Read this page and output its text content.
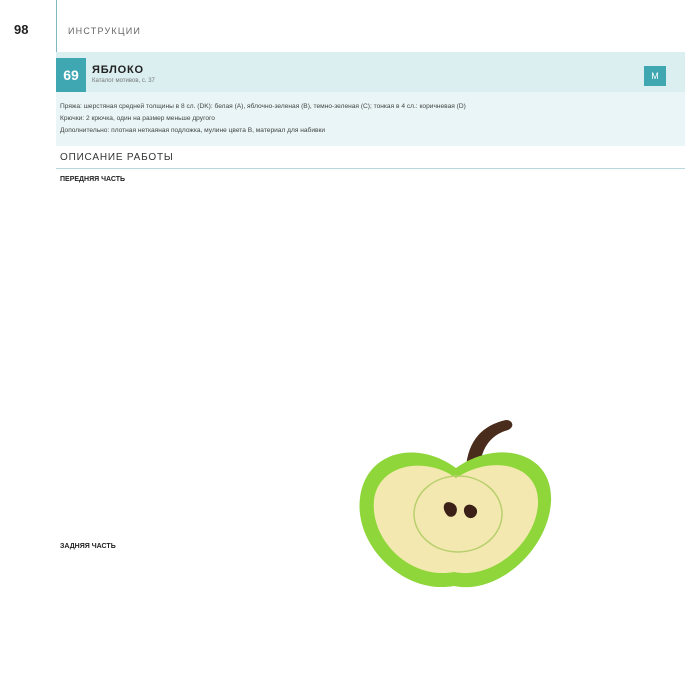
98	ИНСТРУКЦИИ
69	ЯБЛОКО
Каталог мотивов, с. 37	M
Пряжа: шерстяная средней толщины в 8 сл. (DK): белая (A), яблочно-зеленая (B), темно-зеленая (C); тонкая в 4 сл.: коричневая (D)
Крючки: 2 крючка, один на размер меньше другого
Дополнительно: плотная неткаяная подложка, мулине цвета B, материал для набивки
ОПИСАНИЕ РАБОТЫ
ПЕРЕДНЯЯ ЧАСТЬ
ЗАДНЯЯ ЧАСТЬ
